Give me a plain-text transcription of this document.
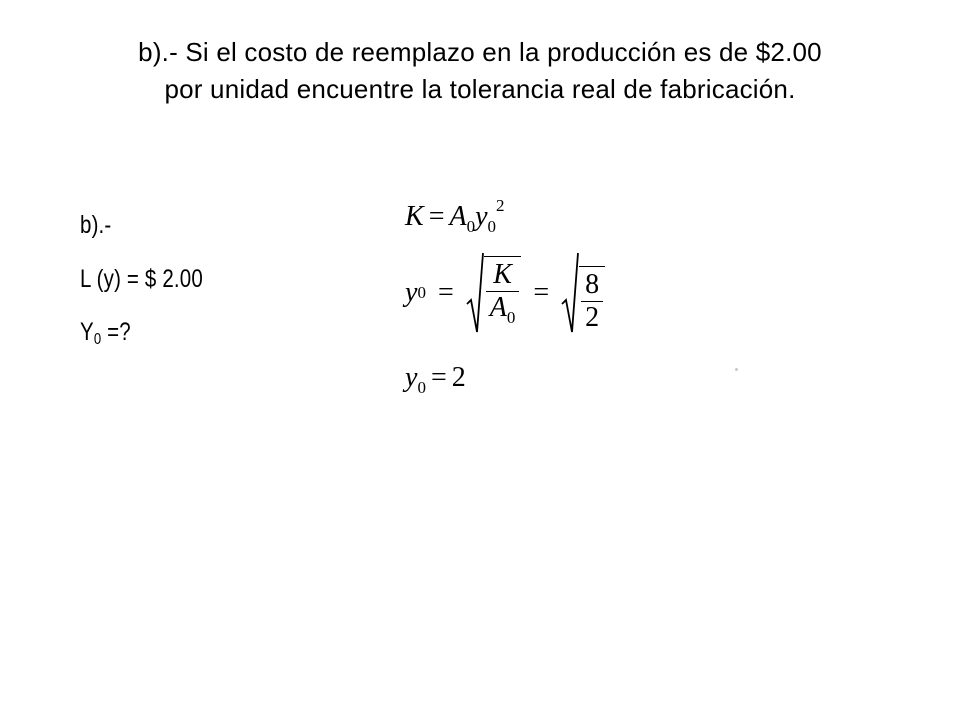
b).- Si el costo de reemplazo en la producción es de $2.00
por unidad encuentre la tolerancia real de fabricación.
b).-
L (y) = $ 2.00
$Y_0$ =?
$K = A_0y_0^2$
y $0 = \frac{K}{A_0} = \frac{8}{2}$
$y_0 = 2$
